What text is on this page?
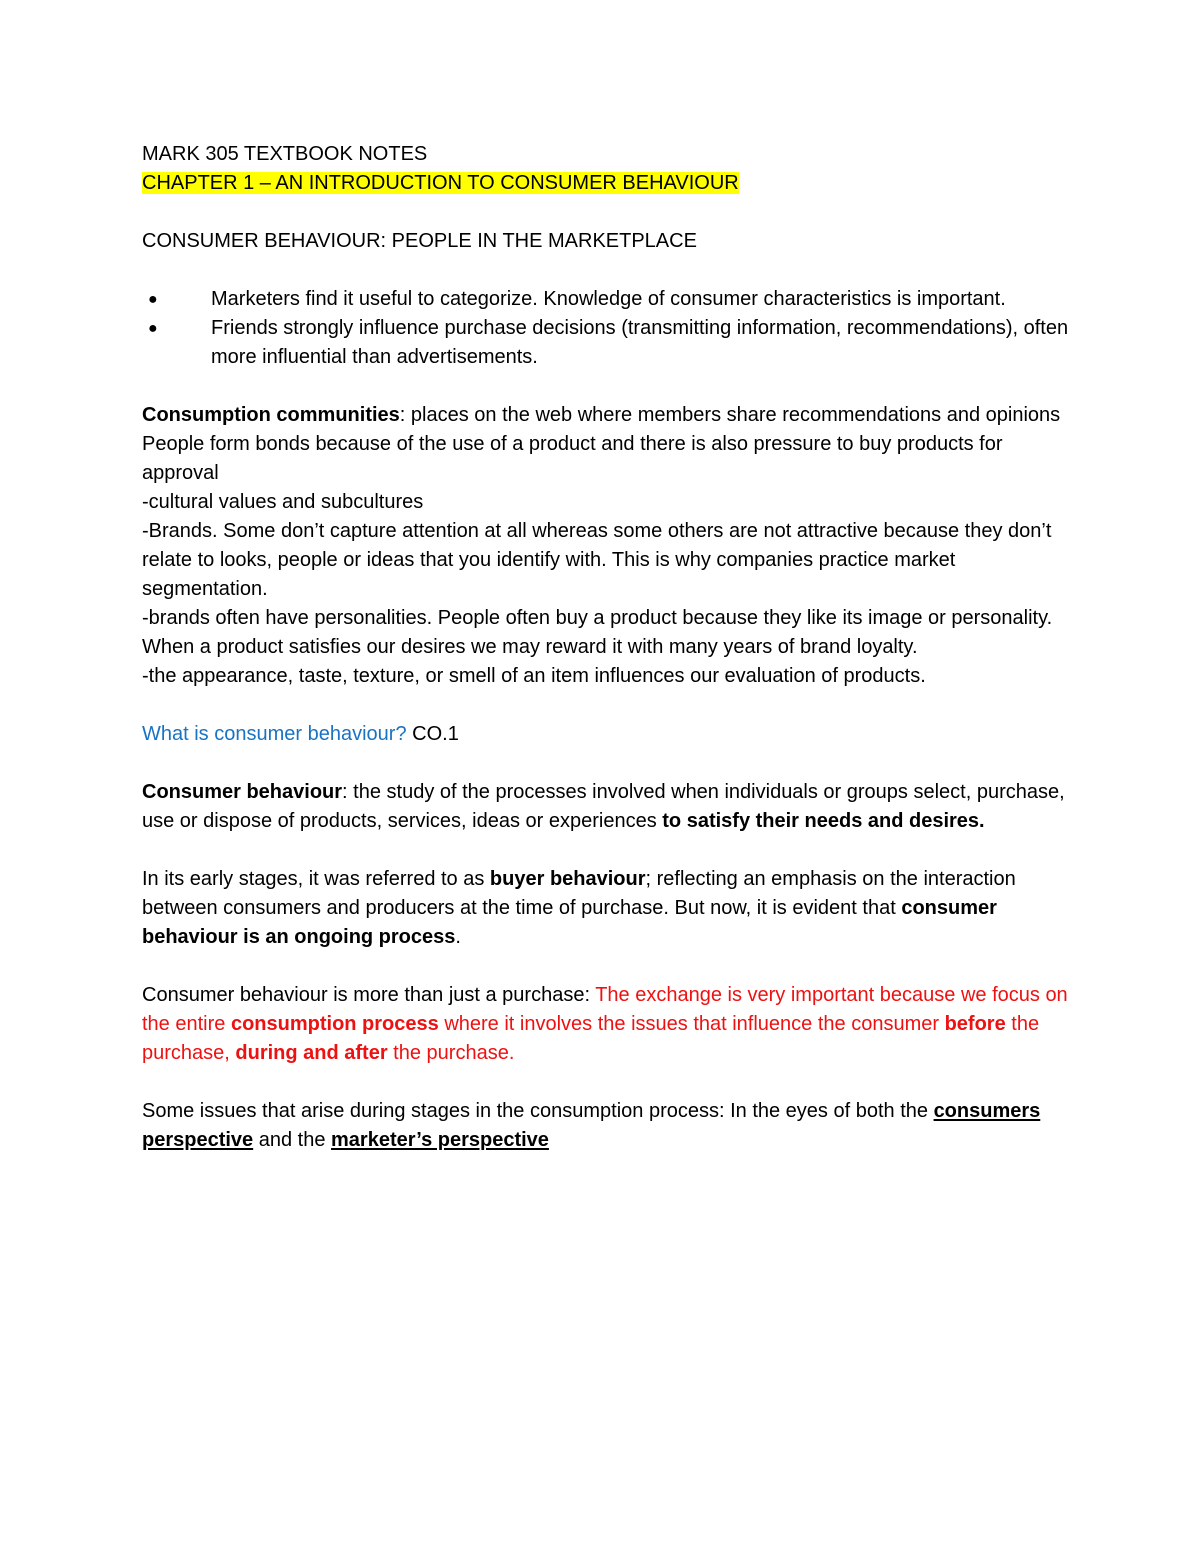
MARK 305 TEXTBOOK NOTES
CHAPTER 1 – AN INTRODUCTION TO CONSUMER BEHAVIOUR
CONSUMER BEHAVIOUR: PEOPLE IN THE MARKETPLACE
●	Marketers find it useful to categorize. Knowledge of consumer characteristics is important.
●	Friends strongly influence purchase decisions (transmitting information, recommendations), often more influential than advertisements.

Consumption communities: places on the web where members share recommendations and opinions

People form bonds because of the use of a product and there is also pressure to buy products for approval

-cultural values and subcultures

-Brands. Some don’t capture attention at all whereas some others are not attractive because they don’t relate to looks, people or ideas that you identify with. This is why companies practice market segmentation.

-brands often have personalities. People often buy a product because they like its image or personality. When a product satisfies our desires we may reward it with many years of brand loyalty.

-the appearance, taste, texture, or smell of an item influences our evaluation of products.

What is consumer behaviour? CO.1

Consumer behaviour: the study of the processes involved when individuals or groups select, purchase, use or dispose of products, services, ideas or experiences to satisfy their needs and desires.

In its early stages, it was referred to as buyer behaviour; reflecting an emphasis on the interaction between consumers and producers at the time of purchase. But now, it is evident that consumer behaviour is an ongoing process.

Consumer behaviour is more than just a purchase: The exchange is very important because we focus on the entire consumption process where it involves the issues that influence the consumer before the purchase, during and after the purchase.

Some issues that arise during stages in the consumption process: In the eyes of both the consumers perspective and the marketer’s perspective
